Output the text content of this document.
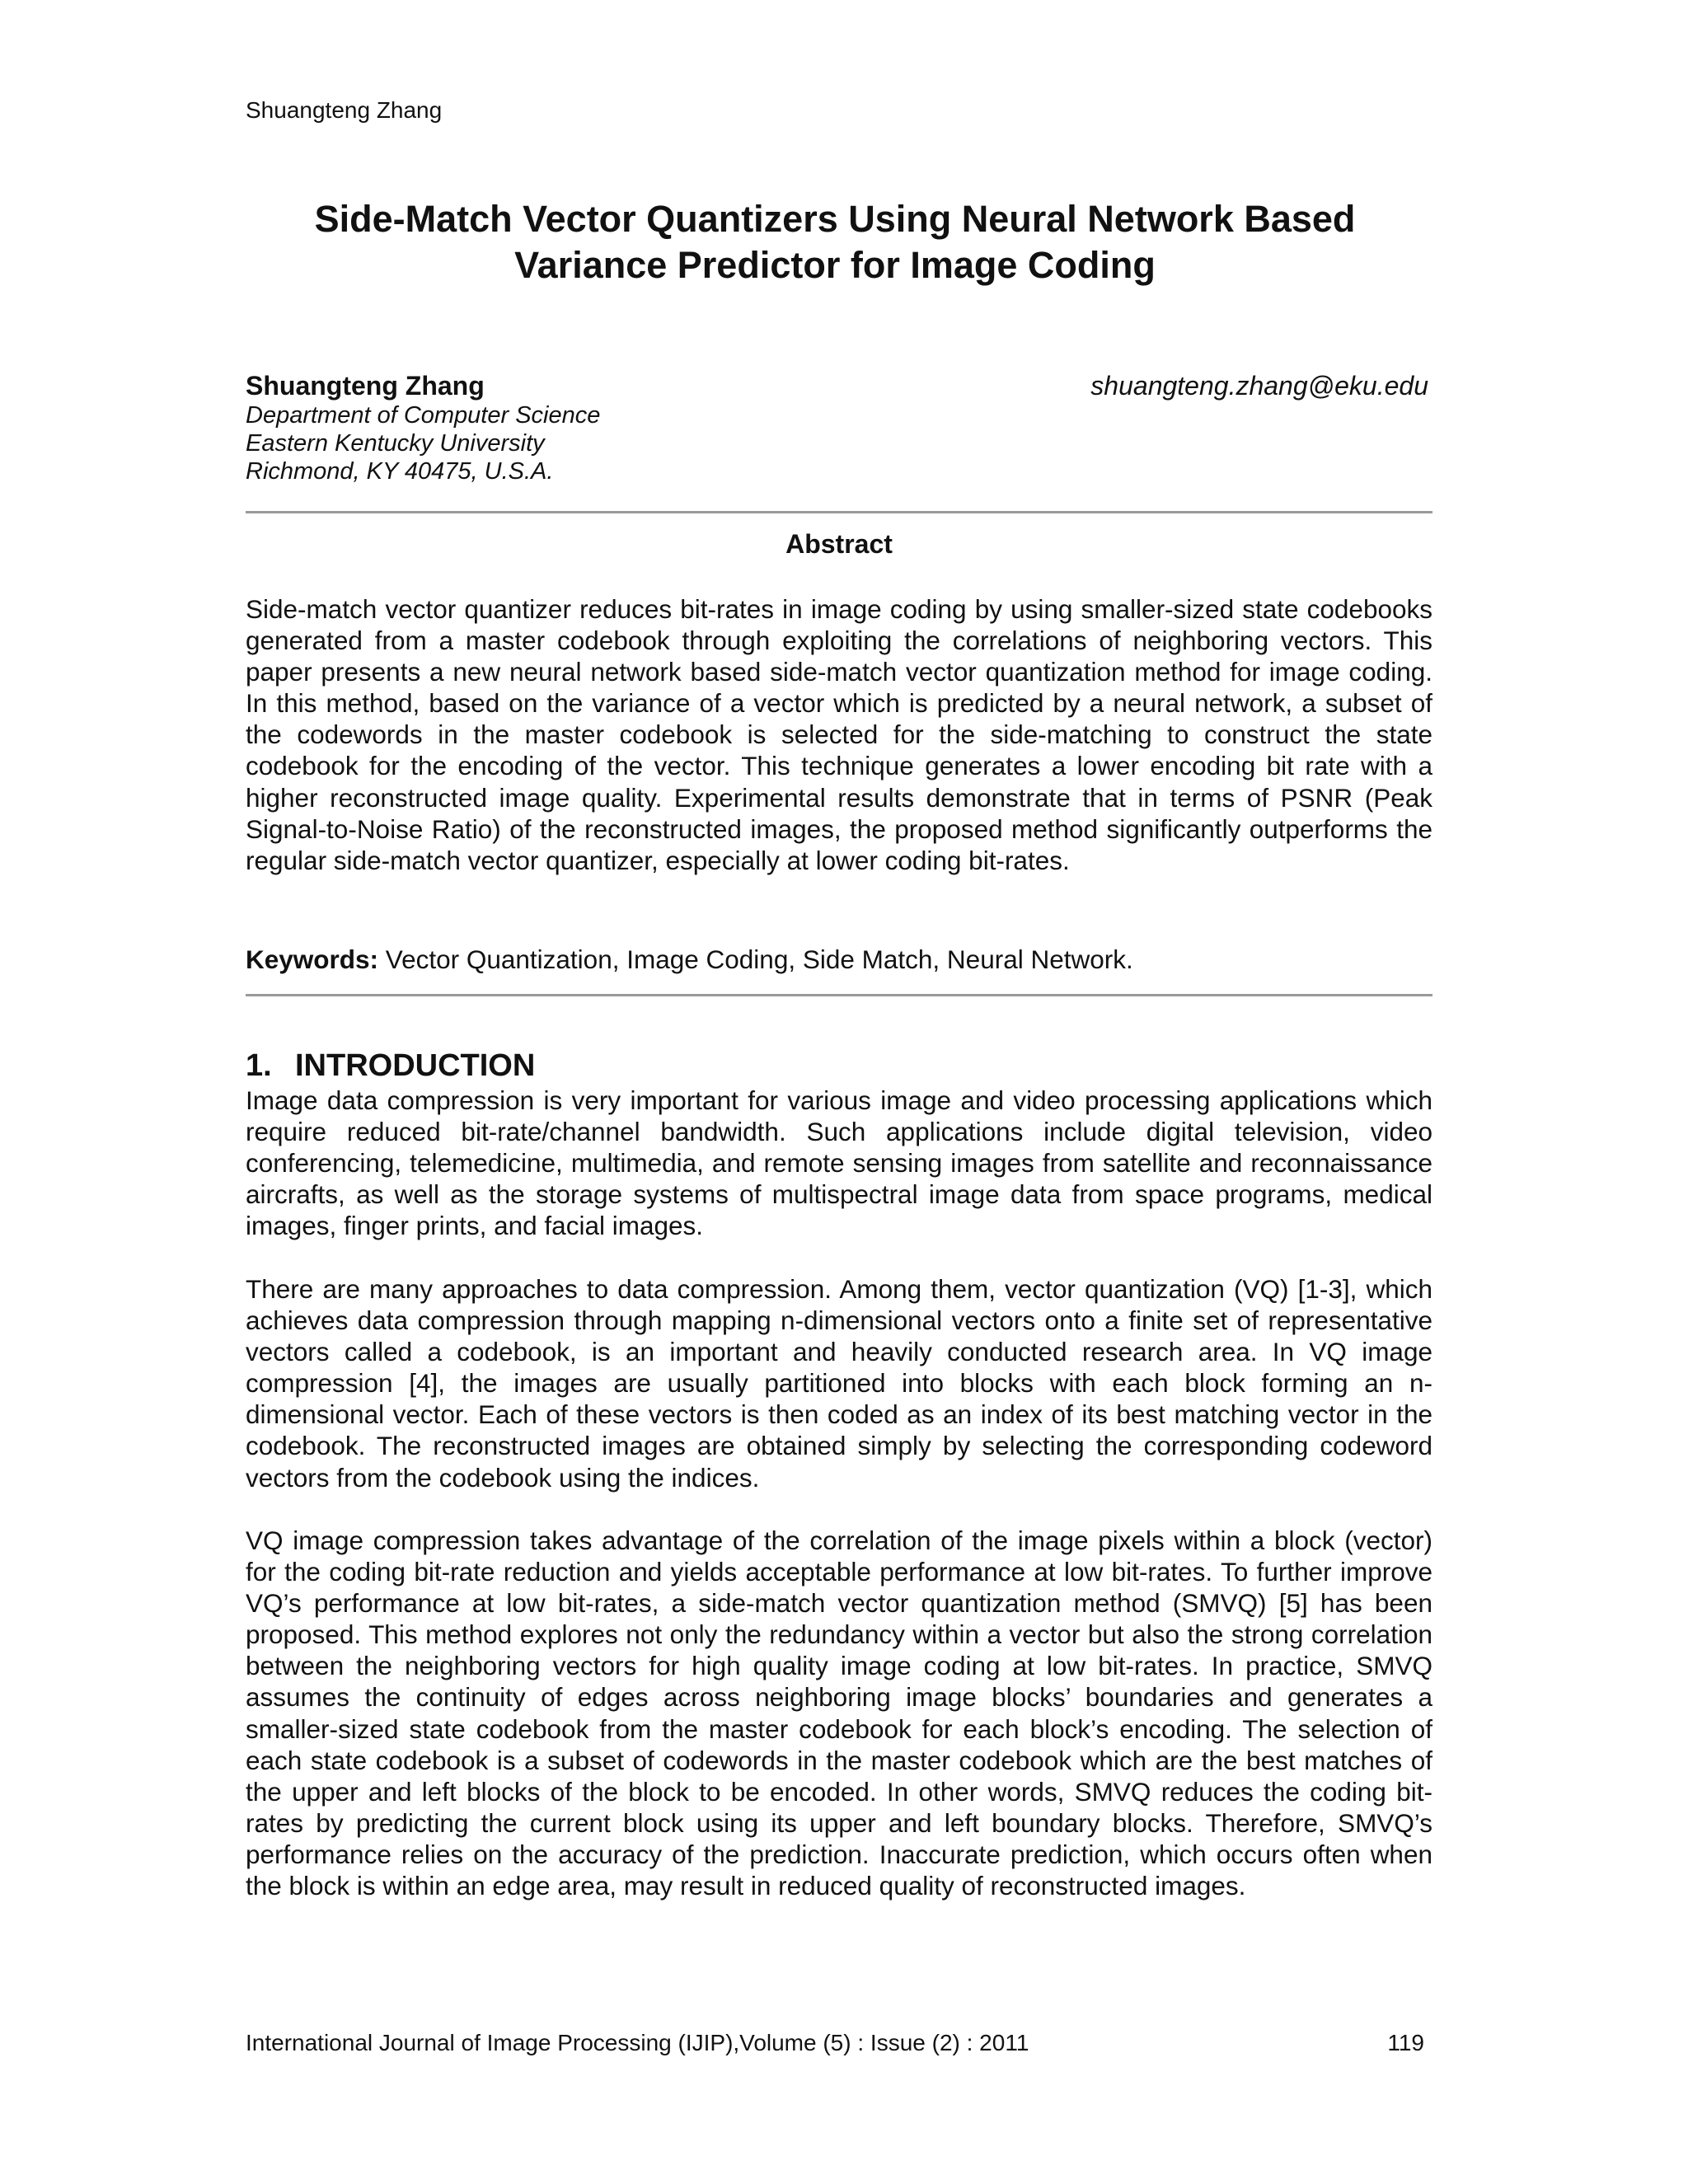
Shuangteng Zhang
Side-Match Vector Quantizers Using Neural Network Based
Variance Predictor for Image Coding
Shuangteng Zhang	shuangteng.zhang@eku.edu
Department of Computer Science
Eastern Kentucky University
Richmond, KY 40475, U.S.A.
Abstract

Side-match vector quantizer reduces bit-rates in image coding by using smaller-sized state codebooks generated from a master codebook through exploiting the correlations of neighboring vectors. This paper presents a new neural network based side-match vector quantization method for image coding. In this method, based on the variance of a vector which is predicted by a neural network, a subset of the codewords in the master codebook is selected for the side-matching to construct the state codebook for the encoding of the vector. This technique generates a lower encoding bit rate with a higher reconstructed image quality. Experimental results demonstrate that in terms of PSNR (Peak Signal-to-Noise Ratio) of the reconstructed images, the proposed method significantly outperforms the regular side-match vector quantizer, especially at lower coding bit-rates.

Keywords: Vector Quantization, Image Coding, Side Match, Neural Network.
1. INTRODUCTION

Image data compression is very important for various image and video processing applications which require reduced bit-rate/channel bandwidth. Such applications include digital television, video conferencing, telemedicine, multimedia, and remote sensing images from satellite and reconnaissance aircrafts, as well as the storage systems of multispectral image data from space programs, medical images, finger prints, and facial images.

There are many approaches to data compression. Among them, vector quantization (VQ) [1-3], which achieves data compression through mapping n-dimensional vectors onto a finite set of representative vectors called a codebook, is an important and heavily conducted research area. In VQ image compression [4], the images are usually partitioned into blocks with each block forming an n-dimensional vector. Each of these vectors is then coded as an index of its best matching vector in the codebook. The reconstructed images are obtained simply by selecting the corresponding codeword vectors from the codebook using the indices.

VQ image compression takes advantage of the correlation of the image pixels within a block (vector) for the coding bit-rate reduction and yields acceptable performance at low bit-rates. To further improve VQ’s performance at low bit-rates, a side-match vector quantization method (SMVQ) [5] has been proposed. This method explores not only the redundancy within a vector but also the strong correlation between the neighboring vectors for high quality image coding at low bit-rates. In practice, SMVQ assumes the continuity of edges across neighboring image blocks’ boundaries and generates a smaller-sized state codebook from the master codebook for each block’s encoding. The selection of each state codebook is a subset of codewords in the master codebook which are the best matches of the upper and left blocks of the block to be encoded. In other words, SMVQ reduces the coding bit-rates by predicting the current block using its upper and left boundary blocks. Therefore, SMVQ’s performance relies on the accuracy of the prediction. Inaccurate prediction, which occurs often when the block is within an edge area, may result in reduced quality of reconstructed images.

International Journal of Image Processing (IJIP),Volume (5) : Issue (2) : 2011	119
